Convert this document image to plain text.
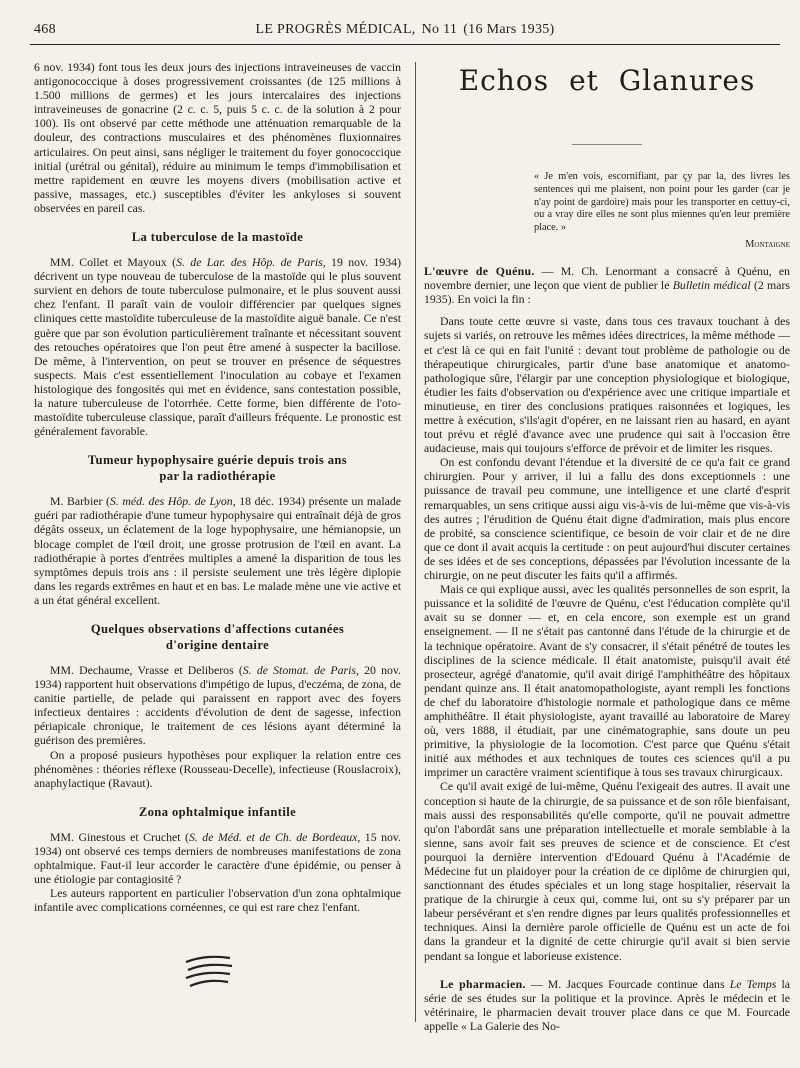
468	LE PROGRÈS MÉDICAL, No 11 (16 Mars 1935)

6 nov. 1934) font tous les deux jours des injections intraveineuses de vaccin antigonococcique à doses progressivement croissantes (de 125 millions à 1.500 millions de germes) et les jours intercalaires des injections intraveineuses de gonacrine (2 c. c. 5, puis 5 c. c. de la solution à 2 pour 100). Ils ont observé par cette méthode une atténuation remarquable de la douleur, des contractions musculaires et des phénomènes fluxionnaires articulaires. On peut ainsi, sans négliger le traitement du foyer gonococcique initial (urétral ou génital), réduire au minimum le temps d'immobilisation et mettre rapidement en œuvre les moyens divers (mobilisation active et passive, massages, etc.) susceptibles d'éviter les ankyloses si souvent observées en pareil cas.

La tuberculose de la mastoïde

MM. Collet et Mayoux (S. de Lar. des Hôp. de Paris, 19 nov. 1934) décrivent un type nouveau de tuberculose de la mastoïde qui le plus souvent survient en dehors de toute tuberculose pulmonaire, et le plus souvent aussi chez l'enfant. Il paraît vain de vouloir différencier par quelques signes cliniques cette mastoïdite tuberculeuse de la mastoïdite aiguë banale. Ce n'est guère que par son évolution particulièrement traînante et nécessitant souvent des retouches opératoires que l'on peut être amené à suspecter la bacillose. De même, à l'intervention, on peut se trouver en présence de séquestres suspects. Mais c'est essentiellement l'inoculation au cobaye et l'examen histologique des fongosités qui met en évidence, sans contestation possible, la nature tuberculeuse de l'otorrhée. Cette forme, bien différente de l'oto-mastoïdite tuberculeuse classique, paraît d'ailleurs fréquente. Le pronostic est généralement favorable.

Tumeur hypophysaire guérie depuis trois ans
par la radiothérapie

M. Barbier (S. méd. des Hôp. de Lyon, 18 déc. 1934) présente un malade guéri par radiothérapie d'une tumeur hypophysaire qui entraînait déjà de gros dégâts osseux, un éclatement de la loge hypophysaire, une hémianopsie, un blocage complet de l'œil droit, une grosse protrusion de l'œil en avant. La radiothérapie à portes d'entrées multiples a amené la disparition de tous les symptômes depuis trois ans : il persiste seulement une très légère diplopie dans les regards extrêmes en haut et en bas. Le malade mène une vie active et a un état général excellent.

Quelques observations d'affections cutanées
d'origine dentaire

MM. Dechaume, Vrasse et Deliberos (S. de Stomat. de Paris, 20 nov. 1934) rapportent huit observations d'impétigo de lupus, d'eczéma, de zona, de canitie partielle, de pelade qui paraissent en rapport avec des foyers infectieux dentaires : accidents d'évolution de dent de sagesse, infection périapicale chronique, le traitement de ces lésions ayant déterminé la guérison des premières.

On a proposé pusieurs hypothèses pour expliquer la relation entre ces phénomènes : théories réflexe (Rousseau-Decelle), infectieuse (Rouslacroix), anaphylactique (Ravaut).

Zona ophtalmique infantile

MM. Ginestous et Cruchet (S. de Méd. et de Ch. de Bordeaux, 15 nov. 1934) ont observé ces temps derniers de nombreuses manifestations de zona ophtalmique. Faut-il leur accorder le caractère d'une épidémie, ou penser à une étiologie par contagiosité ?

Les auteurs rapportent en particulier l'observation d'un zona ophtalmique infantile avec complications cornéennes, ce qui est rare chez l'enfant.

Echos et Glanures
« Je m'en vois, escornifiant, par çy par la, des livres les sentences qui me plaisent, non point pour les garder (car je n'ay point de gardoire) mais pour les transporter en cettuy-ci, ou a vray dire elles ne sont plus miennes qu'en leur première place. »
Montaigne

L'œuvre de Quénu. — M. Ch. Lenormant a consacré à Quénu, en novembre dernier, une leçon que vient de publier le Bulletin médical (2 mars 1935). En voici la fin :

Dans toute cette œuvre si vaste, dans tous ces travaux touchant à des sujets si variés, on retrouve les mêmes idées directrices, la même méthode — et c'est là ce qui en fait l'unité : devant tout problème de pathologie ou de thérapeutique chirurgicales, partir d'une base anatomique et anatomo-pathologique sûre, l'élargir par une conception physiologique et biologique, étudier les faits d'observation ou d'expérience avec une critique impartiale et minutieuse, en tirer des conclusions pratiques raisonnées et logiques, les mettre à exécution, s'ils'agit d'opérer, en ne laissant rien au hasard, en ayant tout prévu et réglé d'avance avec une prudence qui sait à l'occasion être audacieuse, mais qui toujours s'efforce de prévoir et de limiter les risques.

On est confondu devant l'étendue et la diversité de ce qu'a fait ce grand chirurgien. Pour y arriver, il lui a fallu des dons exceptionnels : une puissance de travail peu commune, une intelligence et une clarté d'esprit remarquables, un sens critique aussi aigu vis-à-vis de lui-même que vis-à-vis des autres ; l'érudition de Quénu était digne d'admiration, mais plus encore de probité, sa conscience scientifique, ce besoin de voir clair et de ne dire que ce dont il avait acquis la certitude : on peut aujourd'hui discuter certaines de ses idées et de ses conceptions, dépassées par l'évolution incessante de la chirurgie, on ne peut discuter les faits qu'il a affirmés.

Mais ce qui explique aussi, avec les qualités personnelles de son esprit, la puissance et la solidité de l'œuvre de Quénu, c'est l'éducation complète qu'il avait su se donner — et, en cela encore, son exemple est un grand enseignement. — Il ne s'était pas cantonné dans l'étude de la chirurgie et de la technique opératoire. Avant de s'y consacrer, il s'était pénétré de toutes les disciplines de la science médicale. Il était anatomiste, puisqu'il avait été prosecteur, agrégé d'anatomie, qu'il avait dirigé l'amphithéâtre des hôpitaux pendant quinze ans. Il était anatomopathologiste, ayant rempli les fonctions de chef du laboratoire d'histologie normale et pathologique dans ce même amphithéâtre. Il était physiologiste, ayant travaillé au laboratoire de Marey où, vers 1888, il étudiait, par une cinématographie, sans doute un peu primitive, la physiologie de la locomotion. C'est parce que Quénu s'était initié aux méthodes et aux techniques de toutes ces sciences qu'il a pu imprimer un caractère vraiment scientifique à tous ses travaux chirurgicaux.

Ce qu'il avait exigé de lui-même, Quénu l'exigeait des autres. Il avait une conception si haute de la chirurgie, de sa puissance et de son rôle bienfaisant, mais aussi des responsabilités qu'elle comporte, qu'il ne pouvait admettre qu'on l'abordât sans une préparation intellectuelle et morale semblable à la sienne, sans avoir fait ses preuves de science et de conscience. Et c'est pourquoi la dernière intervention d'Edouard Quénu à l'Académie de Médecine fut un plaidoyer pour la création de ce diplôme de chirurgien qui, sanctionnant des études spéciales et un long stage hospitalier, réservait la pratique de la chirurgie à ceux qui, comme lui, ont su s'y préparer par un labeur persévérant et s'en rendre dignes par leurs qualités professionnelles et techniques. Ainsi la dernière parole officielle de Quénu est un acte de foi dans la grandeur et la dignité de cette chirurgie qu'il avait si bien servie pendant sa longue et laborieuse existence.

Le pharmacien. — M. Jacques Fourcade continue dans Le Temps la série de ses études sur la politique et la province. Après le médecin et le vétérinaire, le pharmacien devait trouver place dans ce que M. Fourcade appelle « La Galerie des No-
